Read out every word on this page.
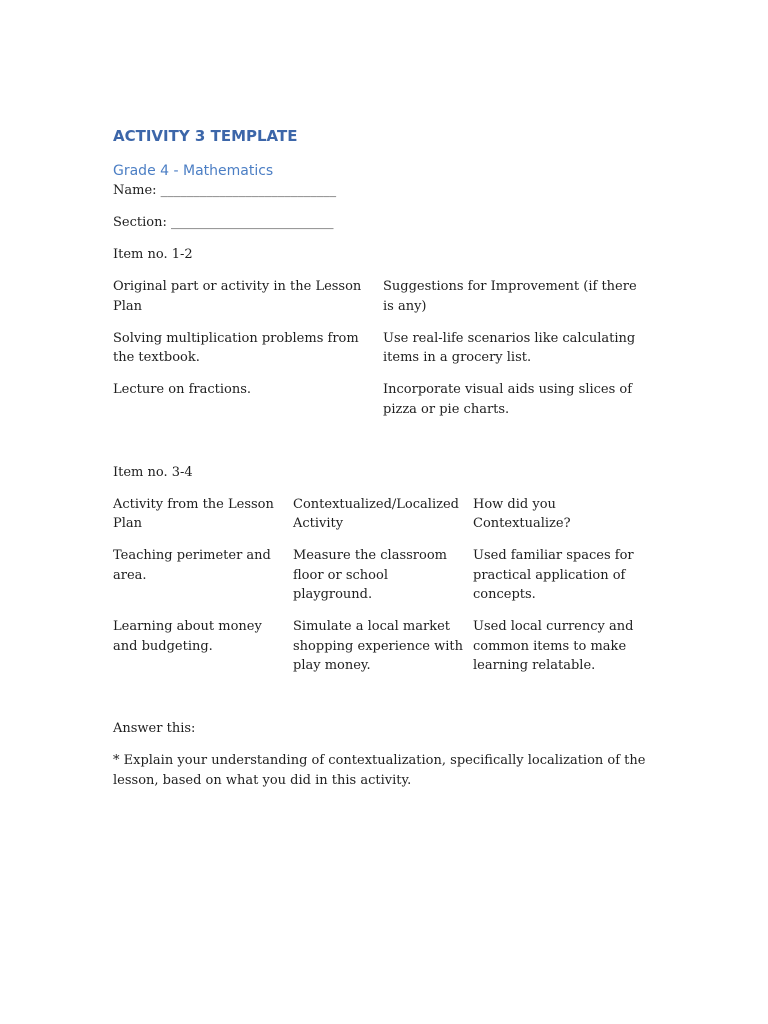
ACTIVITY 3 TEMPLATE
Grade 4 - Mathematics
Name: ___________________________
Section: _________________________
Item no. 1-2
Original part or activity in the Lesson Plan
Suggestions for Improvement (if there is any)
Solving multiplication problems from the textbook.
Use real-life scenarios like calculating items in a grocery list.
Lecture on fractions.	Incorporate visual aids using slices of pizza or pie charts.
Item no. 3-4
Activity from the Lesson Plan
Contextualized/Localized Activity
How did you Contextualize?
Teaching perimeter and area.
Measure the classroom floor or school playground.
Used familiar spaces for practical application of concepts.
Learning about money and budgeting.
Simulate a local market shopping experience with play money.
Used local currency and common items to make learning relatable.
Answer this:
* Explain your understanding of contextualization, specifically localization of the lesson, based on what you did in this activity.
